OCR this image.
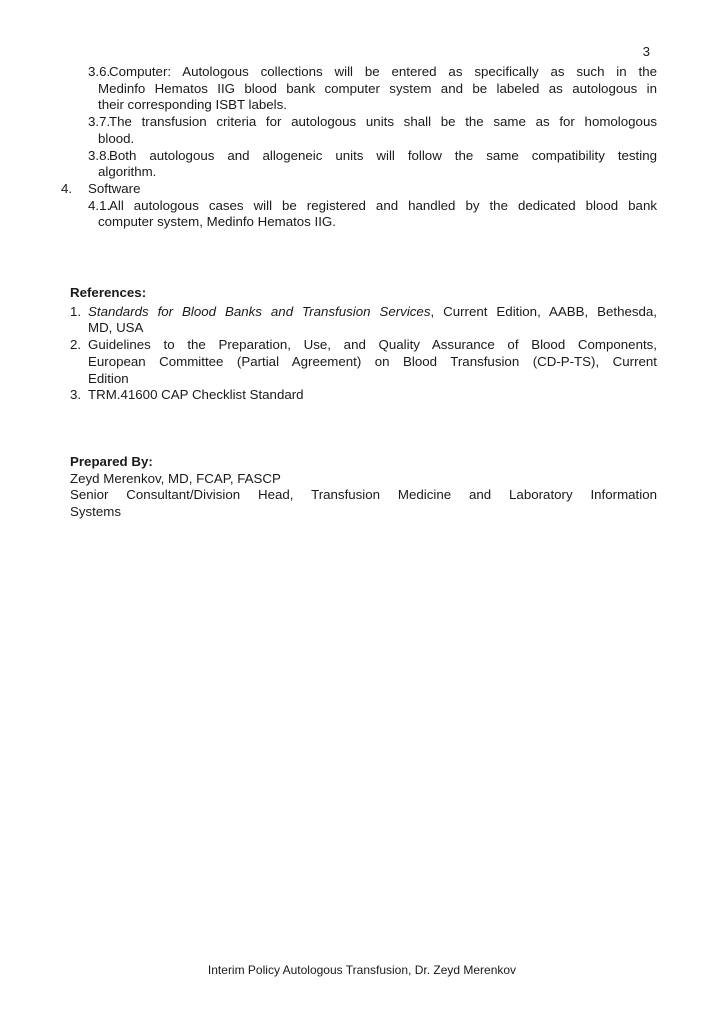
3
3.6.Computer: Autologous collections will be entered as specifically as such in the
Medinfo Hematos IIG blood bank computer system and be labeled as autologous in
their corresponding ISBT labels.
3.7.The transfusion criteria for autologous units shall be the same as for homologous
blood.
3.8.Both autologous and allogeneic units will follow the same compatibility testing
algorithm.
4. Software
4.1.All autologous cases will be registered and handled by the dedicated blood bank
computer system, Medinfo Hematos IIG.
References:
1. Standards for Blood Banks and Transfusion Services, Current Edition, AABB, Bethesda,
MD, USA
2. Guidelines to the Preparation, Use, and Quality Assurance of Blood Components,
European Committee (Partial Agreement) on Blood Transfusion (CD-P-TS), Current
Edition
3. TRM.41600 CAP Checklist Standard
Prepared By:
Zeyd Merenkov, MD, FCAP, FASCP
Senior Consultant/Division Head, Transfusion Medicine and Laboratory Information
Systems
Interim Policy Autologous Transfusion, Dr. Zeyd Merenkov
